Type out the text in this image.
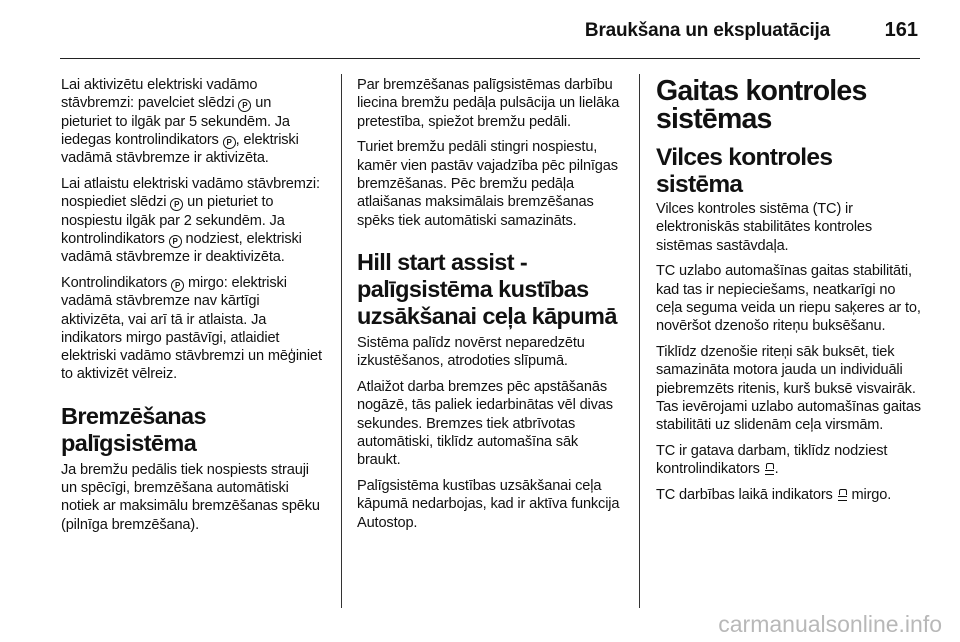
Braukšana un ekspluatācija	161

Lai aktivizētu elektriski vadāmo stāvbremzi: pavelciet slēdzi P un pieturiet to ilgāk par 5 sekundēm. Ja iedegas kontrolindikators P , elektriski vadāmā stāvbremze ir aktivizēta.

Lai atlaistu elektriski vadāmo stāvbremzi: nospiediet slēdzi P un pieturiet to nospiestu ilgāk par 2 sekundēm. Ja kontrolindikators P nodziest, elektriski vadāmā stāvbremze ir deaktivizēta.

Kontrolindikators P mirgo: elektriski vadāmā stāvbremze nav kārtīgi aktivizēta, vai arī tā ir atlaista. Ja indikators mirgo pastāvīgi, atlaidiet elektriski vadāmo stāvbremzi un mēģiniet to aktivizēt vēlreiz.

Bremzēšanas
palīgsistēma

Ja bremžu pedālis tiek nospiests strauji un spēcīgi, bremzēšana automātiski notiek ar maksimālu bremzēšanas spēku (pilnīga bremzēšana).

Par bremzēšanas palīgsistēmas darbību liecina bremžu pedāļa pulsācija un lielāka pretestība, spiežot bremžu pedāli.

Turiet bremžu pedāli stingri nospiestu, kamēr vien pastāv vajadzība pēc pilnīgas bremzēšanas. Pēc bremžu pedāļa atlaišanas maksimālais bremzēšanas spēks tiek automātiski samazināts.

Hill start assist -
palīgsistēma kustības
uzsākšanai ceļa kāpumā

Sistēma palīdz novērst neparedzētu izkustēšanos, atrodoties slīpumā.

Atlaižot darba bremzes pēc apstāšanās nogāzē, tās paliek iedarbinātas vēl divas sekundes. Bremzes tiek atbrīvotas automātiski, tiklīdz automašīna sāk braukt.

Palīgsistēma kustības uzsākšanai ceļa kāpumā nedarbojas, kad ir aktīva funkcija Autostop.

Gaitas kontroles
sistēmas
Vilces kontroles sistēma

Vilces kontroles sistēma (TC) ir elektroniskās stabilitātes kontroles sistēmas sastāvdaļa.

TC uzlabo automašīnas gaitas stabilitāti, kad tas ir nepieciešams, neatkarīgi no ceļa seguma veida un riepu saķeres ar to, novēršot dzenošo riteņu buksēšanu.

Tiklīdz dzenošie riteņi sāk buksēt, tiek samazināta motora jauda un individuāli piebremzēts ritenis, kurš buksē visvairāk. Tas ievērojami uzlabo automašīnas gaitas stabilitāti uz slidenām ceļa virsmām.

TC ir gatava darbam, tiklīdz nodziest kontrolindikators .

TC darbības laikā indikators  mirgo.

carmanualsonline.info
